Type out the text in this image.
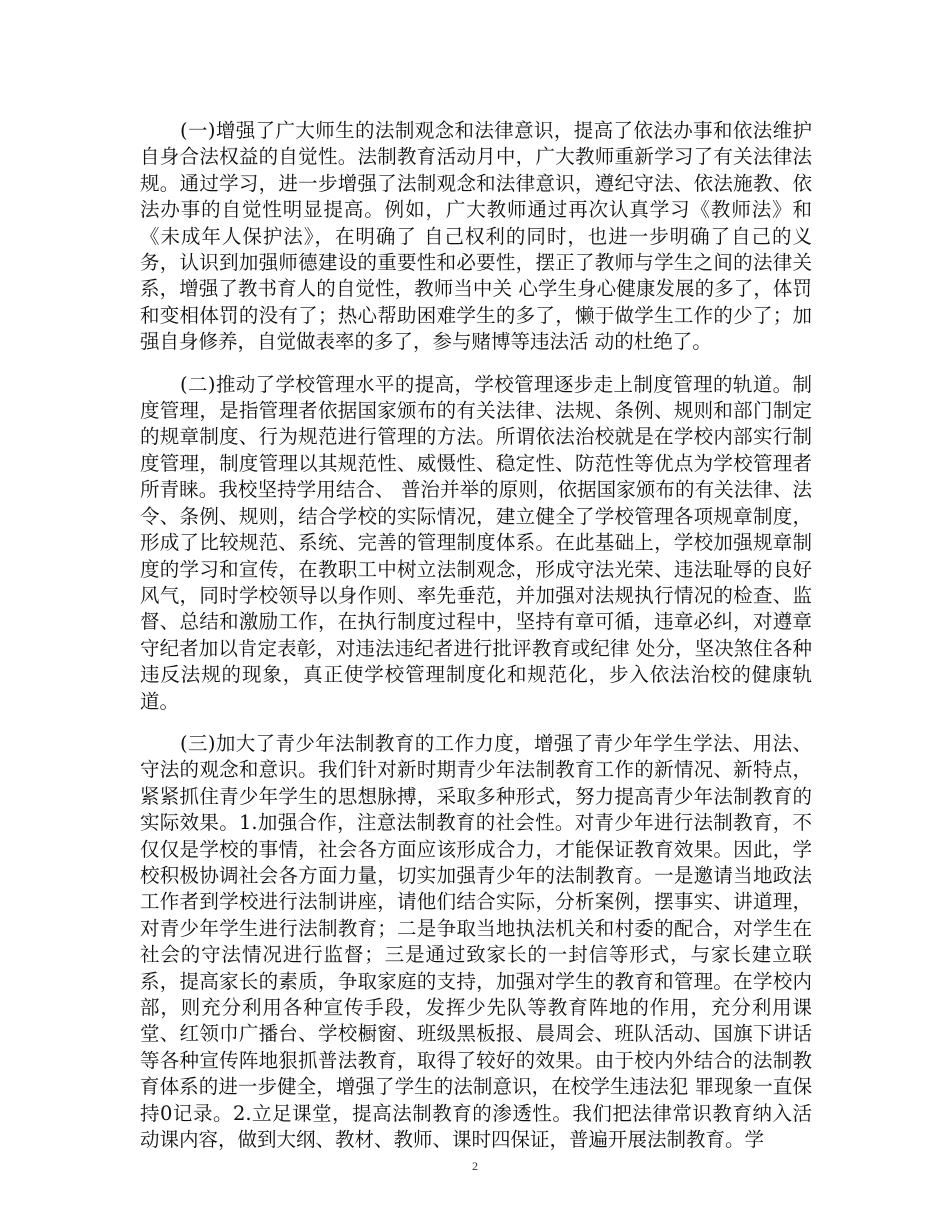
(一)增强了广大师生的法制观念和法律意识，提高了依法办事和依法维护自身合法权益的自觉性。法制教育活动月中，广大教师重新学习了有关法律法规。通过学习，进一步增强了法制观念和法律意识，遵纪守法、依法施教、依法办事的自觉性明显提高。例如，广大教师通过再次认真学习《教师法》和《未成年人保护法》，在明确了 自己权利的同时，也进一步明确了自己的义务，认识到加强师德建设的重要性和必要性，摆正了教师与学生之间的法律关系，增强了教书育人的自觉性，教师当中关 心学生身心健康发展的多了，体罚和变相体罚的没有了；热心帮助困难学生的多了，懒于做学生工作的少了；加强自身修养，自觉做表率的多了，参与赌博等违法活 动的杜绝了。

(二)推动了学校管理水平的提高，学校管理逐步走上制度管理的轨道。制度管理，是指管理者依据国家颁布的有关法律、法规、条例、规则和部门制定的规章制度、行为规范进行管理的方法。所谓依法治校就是在学校内部实行制度管理，制度管理以其规范性、威慑性、稳定性、防范性等优点为学校管理者所青睐。我校坚持学用结合、 普治并举的原则，依据国家颁布的有关法律、法令、条例、规则，结合学校的实际情况，建立健全了学校管理各项规章制度，形成了比较规范、系统、完善的管理制度体系。在此基础上，学校加强规章制度的学习和宣传，在教职工中树立法制观念，形成守法光荣、违法耻辱的良好风气，同时学校领导以身作则、率先垂范，并加强对法规执行情况的检查、监督、总结和激励工作，在执行制度过程中，坚持有章可循，违章必纠，对遵章守纪者加以肯定表彰，对违法违纪者进行批评教育或纪律 处分，坚决煞住各种违反法规的现象，真正使学校管理制度化和规范化，步入依法治校的健康轨道。

(三)加大了青少年法制教育的工作力度，增强了青少年学生学法、用法、守法的观念和意识。我们针对新时期青少年法制教育工作的新情况、新特点，紧紧抓住青少年学生的思想脉搏，采取多种形式，努力提高青少年法制教育的实际效果。1.加强合作，注意法制教育的社会性。对青少年进行法制教育，不仅仅是学校的事情，社会各方面应该形成合力，才能保证教育效果。因此，学校积极协调社会各方面力量，切实加强青少年的法制教育。一是邀请当地政法工作者到学校进行法制讲座，请他们结合实际，分析案例，摆事实、讲道理，对青少年学生进行法制教育；二是争取当地执法机关和村委的配合，对学生在社会的守法情况进行监督；三是通过致家长的一封信等形式，与家长建立联系，提高家长的素质，争取家庭的支持，加强对学生的教育和管理。在学校内部，则充分利用各种宣传手段，发挥少先队等教育阵地的作用，充分利用课堂、红领巾广播台、学校橱窗、班级黑板报、晨周会、班队活动、国旗下讲话等各种宣传阵地狠抓普法教育，取得了较好的效果。由于校内外结合的法制教育体系的进一步健全，增强了学生的法制意识，在校学生违法犯 罪现象一直保持0记录。2.立足课堂，提高法制教育的渗透性。我们把法律常识教育纳入活动课内容，做到大纲、教材、教师、课时四保证，普遍开展法制教育。学

2
